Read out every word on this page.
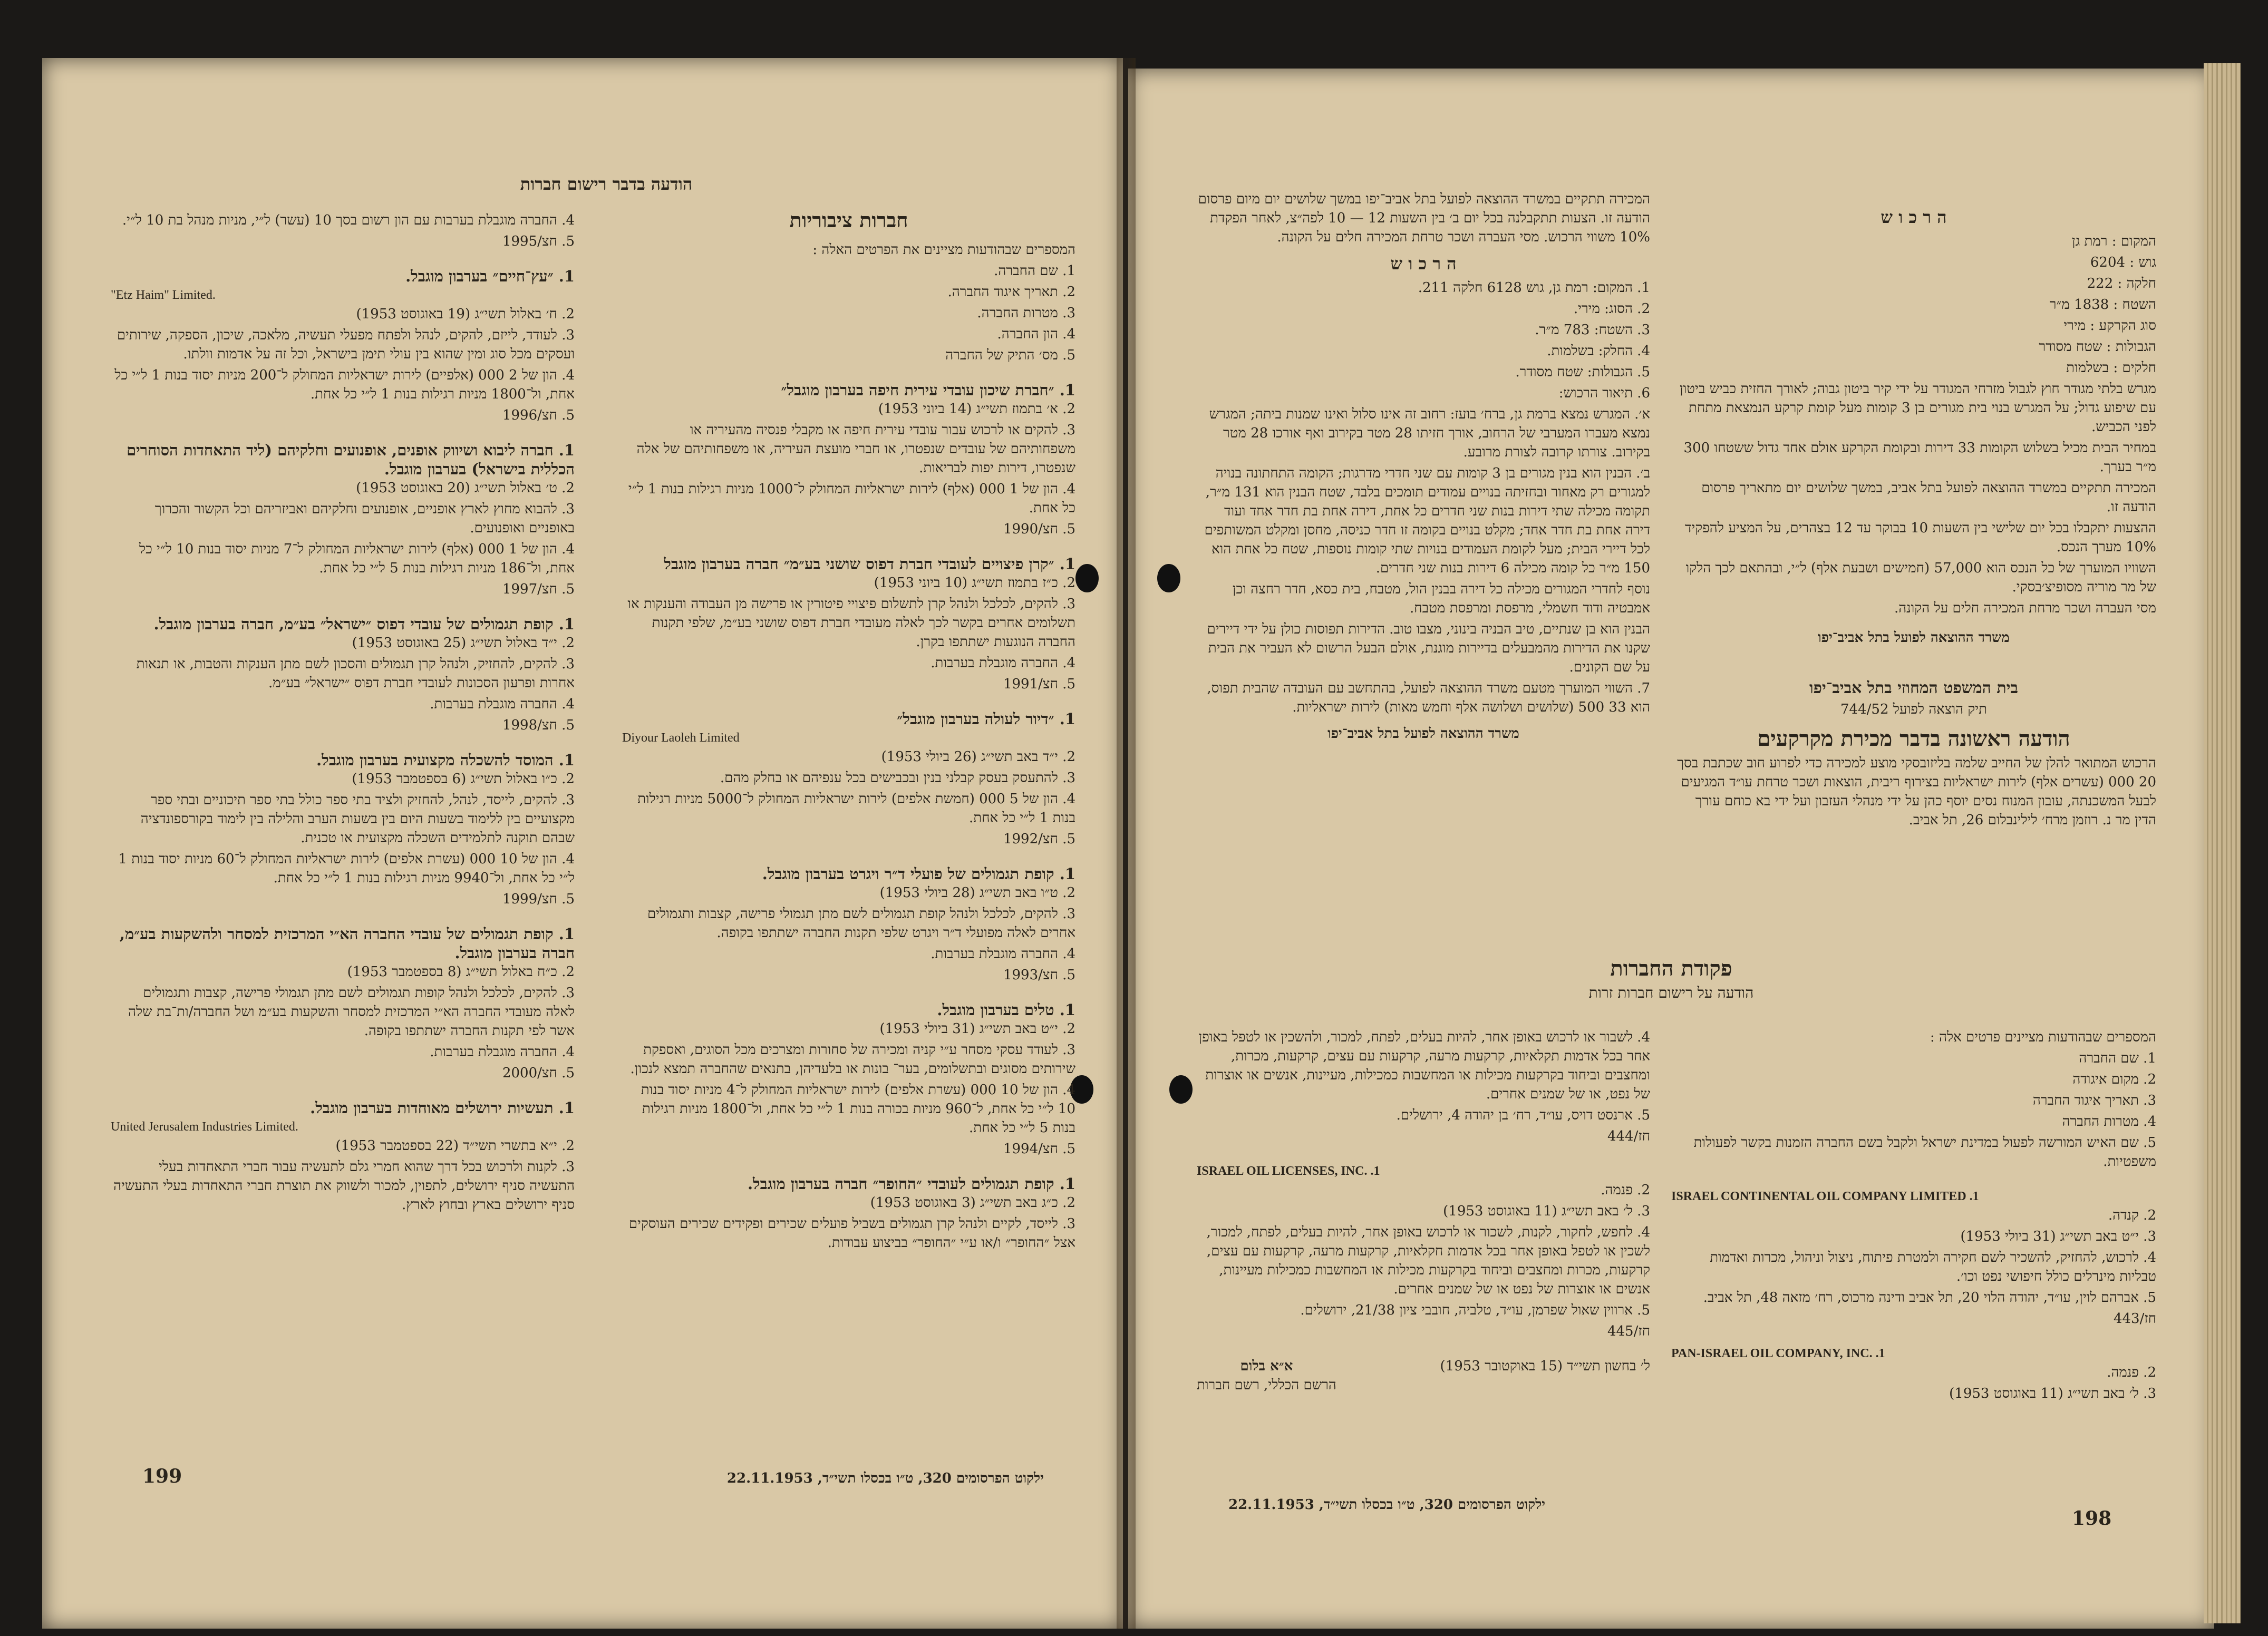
הודעה בדבר רישום חברות
חברות ציבוריות
המספרים שבהודעות מציינים את הפרטים האלה :
1. שם החברה.
2. תאריך איגוד החברה.
3. מטרות החברה.
4. הון החברה.
5. מס׳ התיק של החברה
1. ״חברת שיכון עובדי עירית חיפה בערבון מוגבל״
2. א׳ בתמוז תשי״ג (14 ביוני 1953)
3. להקים או לרכוש עבור עובדי עירית חיפה או מקבלי פנסיה מהעיריה או משפחותיהם של עובדים שנפטרו, או חברי מועצת העיריה, או משפחותיהם של אלה שנפטרו, דירות יפות לבריאות.
4. הון של 1 000 (אלף) לירות ישראליות המחולק ל־1000 מניות רגילות בנות 1 ל״י כל אחת.
5. חצ/1990
1. ״קרן פיצויים לעובדי חברת דפוס שושני בע״מ״ חברה בערבון מוגבל
2. כ״ז בתמוז תשי״ג (10 ביוני 1953)
3. להקים, לכלכל ולנהל קרן לתשלום פיצויי פיטורין או פרישה מן העבודה והענקות או תשלומים אחרים בקשר לכך לאלה מעובדי חברת דפוס שושני בע״מ, שלפי תקנות החברה הנוגעות ישתתפו בקרן.
4. החברה מוגבלת בערבות.
5. חצ/1991
1. ״דיור לעולה בערבון מוגבל״
Diyour Laoleh Limited
2. י״ד באב תשי״ג (26 ביולי 1953)
3. להתעסק בעסק קבלני בנין ובכבישים בכל ענפיהם או בחלק מהם.
4. הון של 5 000 (חמשת אלפים) לירות ישראליות המחולק ל־5000 מניות רגילות בנות 1 ל״י כל אחת.
5. חצ/1992
1. קופת תגמולים של פועלי ד״ר ויגרט בערבון מוגבל.
2. ט״ו באב תשי״ג (28 ביולי 1953)
3. להקים, לכלכל ולנהל קופת תגמולים לשם מתן תגמולי פרישה, קצבות ותגמולים אחרים לאלה מפועלי ד״ר ויגרט שלפי תקנות החברה ישתתפו בקופה.
4. החברה מוגבלת בערבות.
5. חצ/1993
1. טלים בערבון מוגבל.
2. י״ט באב תשי״ג (31 ביולי 1953)
3. לעודד עסקי מסחר ע״י קניה ומכירה של סחורות ומצרכים מכל הסוגים, ואספקת שירותים מסוגים ובתשלומים, בער־ בונות או בלעדיהן, בתנאים שהחברה תמצא לנכון.
4. הון של 10 000 (עשרת אלפים) לירות ישראליות המחולק ל־4 מניות יסוד בנות 10 ל״י כל אחת, ל־960 מניות בכורה בנות 1 ל״י כל אחת, ול־1800 מניות רגילות בנות 5 ל״י כל אחת.
5. חצ/1994
1. קופת תגמולים לעובדי ״החופר״ חברה בערבון מוגבל.
2. כ״ג באב תשי״ג (3 באוגוסט 1953)
3. לייסד, לקיים ולנהל קרן תגמולים בשביל פועלים שכירים ופקידים שכירים העוסקים אצל ״החופר״ ו/או ע״י ״החופר״ בביצוע עבודות.
4. החברה מוגבלת בערבות עם הון רשום בסך 10 (עשר) ל״י, מניות מנהל בת 10 ל״י.
5. חצ/1995
1. ״עץ־חיים״ בערבון מוגבל.
"Etz Haim" Limited.
2. ח׳ באלול תשי״ג (19 באוגוסט 1953)
3. לעודד, לייזם, להקים, לנהל ולפתח מפעלי תעשיה, מלאכה, שיכון, הספקה, שירותים ועסקים מכל סוג ומין שהוא בין עולי תימן בישראל, וכל זה על אדמות וולתו.
4. הון של 2 000 (אלפיים) לירות ישראליות המחולק ל־200 מניות יסוד בנות 1 ל״י כל אחת, ול־1800 מניות רגילות בנות 1 ל״י כל אחת.
5. חצ/1996
1. חברה ליבוא ושיווק אופנים, אופנועים וחלקיהם (ליד התאחדות הסוחרים הכללית בישראל) בערבון מוגבל.
2. ט׳ באלול תשי״ג (20 באוגוסט 1953)
3. להבוא מחוץ לארץ אופניים, אופנועים וחלקיהם ואביזריהם וכל הקשור והכרוך באופניים ואופנועים.
4. הון של 1 000 (אלף) לירות ישראליות המחולק ל־7 מניות יסוד בנות 10 ל״י כל אחת, ול־186 מניות רגילות בנות 5 ל״י כל אחת.
5. חצ/1997
1. קופת תגמולים של עובדי דפוס ״ישראל״ בע״מ, חברה בערבון מוגבל.
2. י״ד באלול תשי״ג (25 באוגוסט 1953)
3. להקים, להחזיק, ולנהל קרן תגמולים והסכון לשם מתן הענקות והטבות, או תנאות אחרות ופרעון הסכונות לעובדי חברת דפוס ״ישראל״ בע״מ.
4. החברה מוגבלת בערבות.
5. חצ/1998
1. המוסד להשכלה מקצועית בערבון מוגבל.
2. כ״ו באלול תשי״ג (6 בספטמבר 1953)
3. להקים, לייסד, לנהל, להחזיק ולציד בתי ספר כולל בתי ספר תיכוניים ובתי ספר מקצועיים בין ללימוד בשעות היום בין בשעות הערב והלילה בין לימוד בקורספונדציה שבהם תוקנה לתלמידים השכלה מקצועית או טכנית.
4. הון של 10 000 (עשרת אלפים) לירות ישראליות המחולק ל־60 מניות יסוד בנות 1 ל״י כל אחת, ול־9940 מניות רגילות בנות 1 ל״י כל אחת.
5. חצ/1999
1. קופת תגמולים של עובדי החברה הא״י המרכזית למסחר ולהשקעות בע״מ, חברה בערבון מוגבל.
2. כ״ח באלול תשי״ג (8 בספטמבר 1953)
3. להקים, לכלכל ולנהל קופות תגמולים לשם מתן תגמולי פרישה, קצבות ותגמולים לאלה מעובדי החברה הא״י המרכזית למסחר והשקעות בע״מ ושל החברה/ות־בת שלה אשר לפי תקנות החברה ישתתפו בקופה.
4. החברה מוגבלת בערבות.
5. חצ/2000
1. תעשיות ירושלים מאוחדות בערבון מוגבל.
United Jerusalem Industries Limited.
2. י״א בתשרי תשי״ד (22 בספטמבר 1953)
3. לקנות ולרכוש בכל דרך שהוא חמרי גלם לתעשיה עבור חברי התאחדות בעלי התעשיה סניף ירושלים, לתפוין, למכור ולשווק את תוצרת חברי התאחדות בעלי התעשיה סניף ירושלים בארץ ובחוץ לארץ.
199	ילקוט הפרסומים 320, ט״ו בכסלו תשי״ד, 22.11.1953
ה ר כ ו ש
המקום : רמת גן
גוש : 6204
חלקה : 222
השטח : 1838 מ״ר
סוג הקרקע : מירי
הגבולות : שטח מסודר
חלקים : בשלמות
מגרש בלתי מגודר חוץ לגבול מזרחי המגודר על ידי קיר ביטון גבוה; לאורך החזית כביש ביטון עם שיפוע גדול; על המגרש בנוי בית מגורים בן 3 קומות מעל קומת קרקע הנמצאת מתחת לפני הכביש.
במחיר הבית מכיל בשלוש הקומות 33 דירות ובקומת הקרקע אולם אחד גדול ששטחו 300 מ״ר בערך.
המכירה תתקיים במשרד ההוצאה לפועל בתל אביב, במשך שלושים יום מתאריך פרסום הודעה זו.
ההצעות יתקבלו בכל יום שלישי בין השעות 10 בבוקר עד 12 בצהרים, על המציע להפקיד 10% מערך הנכס.
השוויו המוערך של כל הנכס הוא 57,000 (חמישים ושבעת אלף) ל״י, ובהתאם לכך הלקו של מר מוריה מסופיצ׳בסקי.
מסי העברה ושכר מרחת המכירה חלים על הקונה.
משרד ההוצאה לפועל בתל אביב־יפו
בית המשפט המחוזי בתל אביב־יפו
תיק הוצאה לפועל 744/52
הודעה ראשונה בדבר מכירת מקרקעים
הרכוש המתואר להלן של החייב שלמה בליזובסקי מוצע למכירה כדי לפרוע חוב שכתבת בסך 20 000 (עשרים אלף) לירות ישראליות בצירוף ריבית, הוצאות ושכר טרחת עו״ד המגיעים לבעל המשכנתה, עובון המנוח נסים יוסף כהן על ידי מנהלי העזבון ועל ידי בא כוחם עורך הדין מר נ. רוזמן מרח׳ לילינבלום 26, תל אביב.
המכירה תתקיים במשרד ההוצאה לפועל בתל אביב־יפו במשך שלושים יום מיום פרסום הודעה זו. הצעות תתקבלנה בכל יום ב׳ בין השעות 12 — 10 לפה״צ, לאחר הפקדת 10% משווי הרכוש. מסי העברה ושכר טרחת המכירה חלים על הקונה.
ה ר כ ו ש
1. המקום: רמת גן, גוש 6128 חלקה 211.
2. הסוג: מירי.
3. השטח: 783 מ״ר.
4. החלק: בשלמות.
5. הגבולות: שטח מסודר.
6. תיאור הרכוש:
א׳. המגרש נמצא ברמת גן, ברח׳ בועז: רחוב זה אינו סלול ואינו שמנות ביתה; המגרש נמצא מעברו המערבי של הרחוב, אורך חזיתו 28 מטר בקירוב ואף אורכו 28 מטר בקירוב. צורתו קרובה לצורת מרובע.
ב׳. הבנין הוא בנין מגורים בן 3 קומות עם שני חדרי מדרגות; הקומה התחתונה בנויה למגורים רק מאחור ובחזיתה בנויים עמודים תומכים בלבד, שטח הבנין הוא 131 מ״ר, תקומה מכילה שתי דירות בנות שני חדרים כל אחת, דירה אחת בת חדר אחד ועוד דירה אחת בת חדר אחד; מקלט בנויים בקומה זו חדר כניסה, מחסן ומקלט המשותפים לכל דיירי הבית; מעל לקומת העמודים בנויות שתי קומות נוספות, שטח כל אחת הוא 150 מ״ר כל קומה מכילה 6 דירות בנות שני חדרים.
נוסף לחדרי המגורים מכילה כל דירה בבנין הול, מטבח, בית כסא, חדר רחצה וכן אמבטיה ודוד חשמלי, מרפסת ומרפסת מטבח.
הבנין הוא בן שנתיים, טיב הבניה בינוני, מצבו טוב. הדירות תפוסות כולן על ידי דיירים שקנו את הדירות מהמבעלים בדיירות מוגנת, אולם הבעל הרשום לא העביר את הבית על שם הקונים.
7. השווי המוערך מטעם משרד ההוצאה לפועל, בהתחשב עם העובדה שהבית תפוס, הוא 33 500 (שלושים ושלושה אלף וחמש מאות) לירות ישראליות.
משרד ההוצאה לפועל בתל אביב־יפו
פקודת החברות
הודעה על רישום חברות זרות
המספרים שבהודעות מציינים פרטים אלה :
1. שם החברה
2. מקום איגודה
3. תאריך איגוד החברה
4. מטרות החברה
5. שם האיש המורשה לפעול במדינת ישראל ולקבל בשם החברה הזמנות בקשר לפעולות משפטיות.
ISRAEL CONTINENTAL OIL COMPANY LIMITED .1
2. קנדה.
3. י״ט באב תשי״ג (31 ביולי 1953)
4. לרכוש, להחזיק, להשכיר לשם חקירה ולמטרת פיתוח, ניצול וניהול, מכרות ואדמות טבליות מינרלים כולל חיפושי נפט וכו׳.
5. אברהם לוין, עו״ד, יהודה הלוי 20, תל אביב ודינה מרכוס, רח׳ מזאה 48, תל אביב.
חז/443
PAN-ISRAEL OIL COMPANY, INC. .1
2. פנמה.
3. ל׳ באב תשי״ג (11 באוגוסט 1953)
4. לשבור או לרכוש באופן אחר, להיות בעלים, לפתח, למכור, ולהשכין או לטפל באופן אחר בכל אדמות תקלאיות, קרקעות מרעה, קרקעות עם עצים, קרקעות, מכרות, ומחצבים וביחוד בקרקעות מכילות או המחשבות כמכילות, מעיינות, אנשים או אוצרות של נפט, או של שמנים אחרים.
5. ארנסט דויס, עו״ד, רח׳ בן יהודה 4, ירושלים.
חז/444
ISRAEL OIL LICENSES, INC. .1
2. פנמה.
3. ל׳ באב תשי״ג (11 באוגוסט 1953)
4. לחפש, לחקור, לקנות, לשכור או לרכוש באופן אחר, להיות בעלים, לפתח, למכור, לשכין או לטפל באופן אחר בכל אדמות חקלאיות, קרקעות מרעה, קרקעות עם עצים, קרקעות, מכרות ומחצבים וביחוד בקרקעות מכילות או המחשבות כמכילות מעיינות, אנשים או אוצרות של נפט או של שמנים אחרים.
5. ארווין שאול שפרמן, עו״ד, טלביה, חובבי ציון 21/38, ירושלים.
חז/445
ל׳ בחשון תשי״ד (15 באוקטובר 1953)
א״א בלום
הרשם הכללי, רשם חברות
ילקוט הפרסומים 320, ט״ו בכסלו תשי״ד, 22.11.1953
198
